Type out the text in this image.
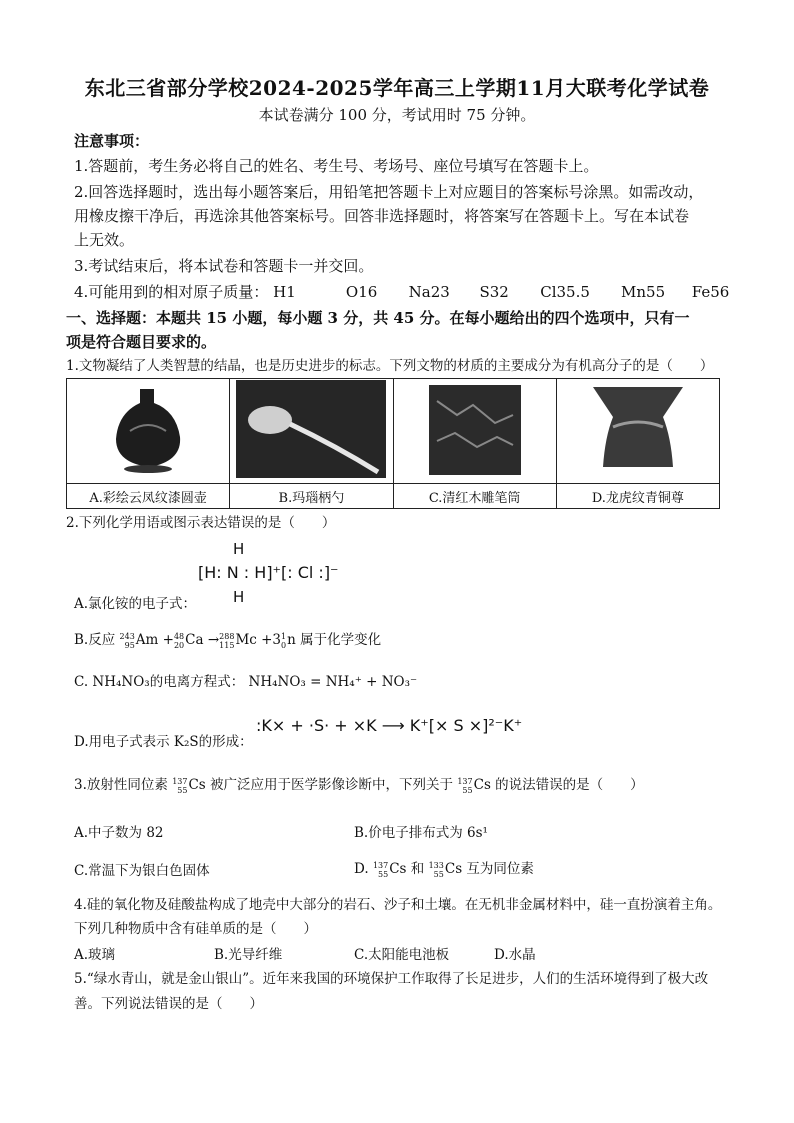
东北三省部分学校2024-2025学年高三上学期11月大联考化学试卷
本试卷满分 100 分，考试用时 75 分钟。
注意事项：
1.答题前，考生务必将自己的姓名、考生号、考场号、座位号填写在答题卡上。
2.回答选择题时，选出每小题答案后，用铅笔把答题卡上对应题目的答案标号涂黑。如需改动，
用橡皮擦干净后，再选涂其他答案标号。回答非选择题时，将答案写在答题卡上。写在本试卷
上无效。
3.考试结束后，将本试卷和答题卡一并交回。
4.可能用到的相对原子质量： H1	O16 Na23 S32 Cl35.5 Mn55 Fe56
一、选择题：本题共 15 小题，每小题 3 分，共 45 分。在每小题给出的四个选项中，只有一
项是符合题目要求的。
1.文物凝结了人类智慧的结晶，也是历史进步的标志。下列文物的材质的主要成分为有机高分子的是（　　）

A.彩绘云凤纹漆圆壶	B.玛瑙柄勺	C.清红木雕笔筒	D.龙虎纹青铜尊
2.下列化学用语或图示表达错误的是（　　）
H
[H: N : H]⁺[: Cl :]⁻
H
A.氯化铵的电子式：
B.反应 243
95Am +48
20Ca →288
115Mc +31
0n 属于化学变化
C. NH₄NO₃的电离方程式： NH₄NO₃ = NH₄⁺ + NO₃⁻
D.用电子式表示 K₂S的形成：
:K× + ·S· + ×K ⟶ K⁺[× S ×]²⁻K⁺
3.放射性同位素 137
55Cs 被广泛应用于医学影像诊断中，下列关于 137
55Cs 的说法错误的是（　　）
A.中子数为 82	B.价电子排布式为 6s¹
C.常温下为银白色固体	D. 137
55Cs 和 133
55Cs 互为同位素
4.硅的氧化物及硅酸盐构成了地壳中大部分的岩石、沙子和土壤。在无机非金属材料中，硅一直扮演着主角。
下列几种物质中含有硅单质的是（　　）
A.玻璃	B.光导纤维	C.太阳能电池板	D.水晶
5.“绿水青山，就是金山银山”。近年来我国的环境保护工作取得了长足进步，人们的生活环境得到了极大改
善。下列说法错误的是（　　）
